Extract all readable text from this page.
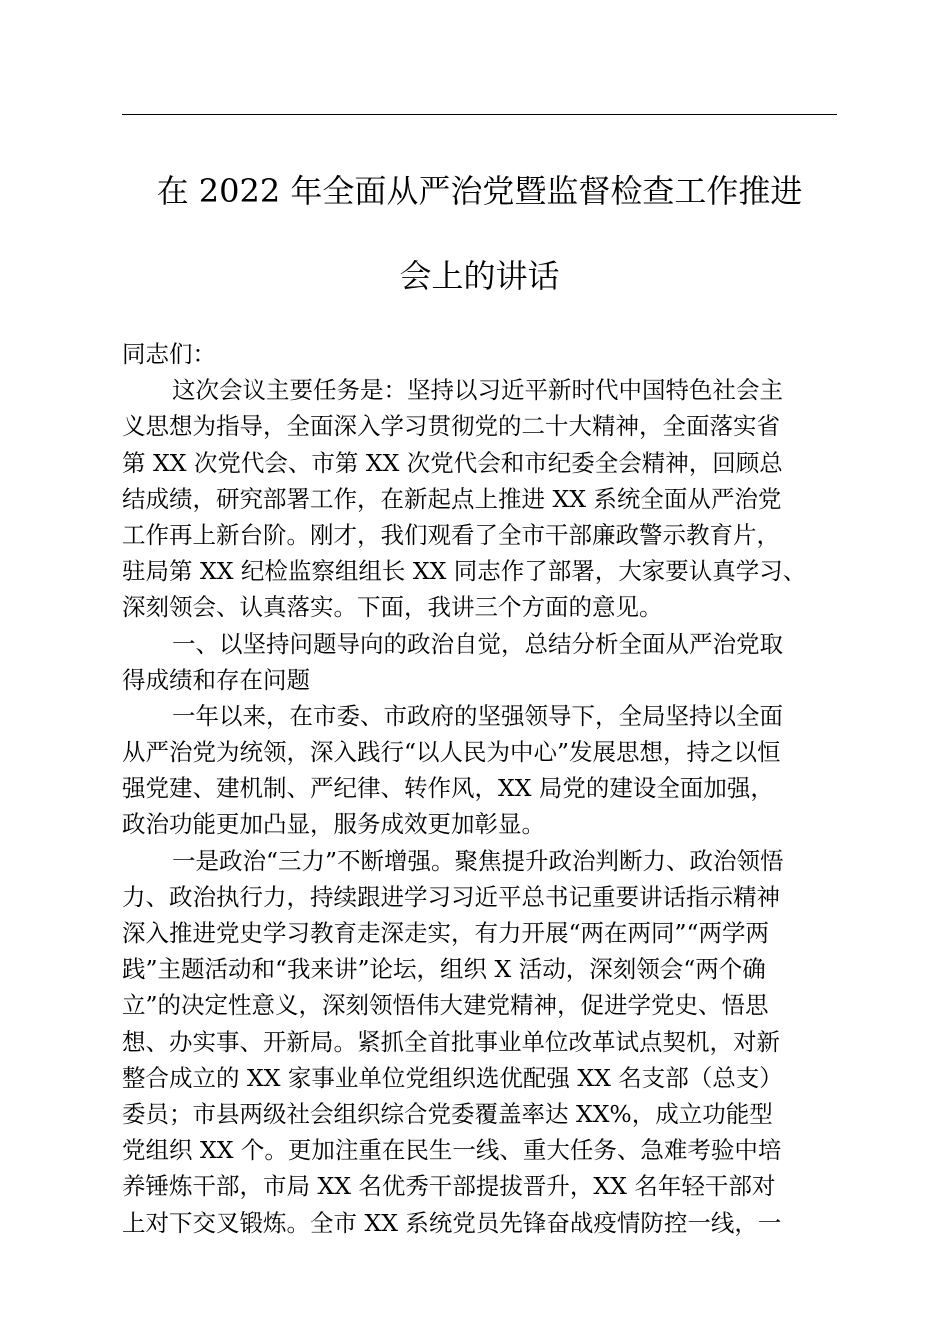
在 2022 年全面从严治党暨监督检查工作推进
会上的讲话
同志们：
这次会议主要任务是：坚持以习近平新时代中国特色社会主
义思想为指导，全面深入学习贯彻党的二十大精神，全面落实省
第 XX 次党代会、市第 XX 次党代会和市纪委全会精神，回顾总
结成绩，研究部署工作，在新起点上推进 XX 系统全面从严治党
工作再上新台阶。刚才，我们观看了全市干部廉政警示教育片，
驻局第 XX 纪检监察组组长 XX 同志作了部署，大家要认真学习、
深刻领会、认真落实。下面，我讲三个方面的意见。
一、以坚持问题导向的政治自觉，总结分析全面从严治党取
得成绩和存在问题
一年以来，在市委、市政府的坚强领导下，全局坚持以全面
从严治党为统领，深入践行“以人民为中心”发展思想，持之以恒
强党建、建机制、严纪律、转作风，XX 局党的建设全面加强，
政治功能更加凸显，服务成效更加彰显。
一是政治“三力”不断增强。聚焦提升政治判断力、政治领悟
力、政治执行力，持续跟进学习习近平总书记重要讲话指示精神
深入推进党史学习教育走深走实，有力开展“两在两同”“两学两
践”主题活动和“我来讲”论坛，组织 X 活动，深刻领会“两个确
立”的决定性意义，深刻领悟伟大建党精神，促进学党史、悟思
想、办实事、开新局。紧抓全首批事业单位改革试点契机，对新
整合成立的 XX 家事业单位党组织选优配强 XX 名支部（总支）
委员；市县两级社会组织综合党委覆盖率达 XX%，成立功能型
党组织 XX 个。更加注重在民生一线、重大任务、急难考验中培
养锤炼干部，市局 XX 名优秀干部提拔晋升，XX 名年轻干部对
上对下交叉锻炼。全市 XX 系统党员先锋奋战疫情防控一线，一
